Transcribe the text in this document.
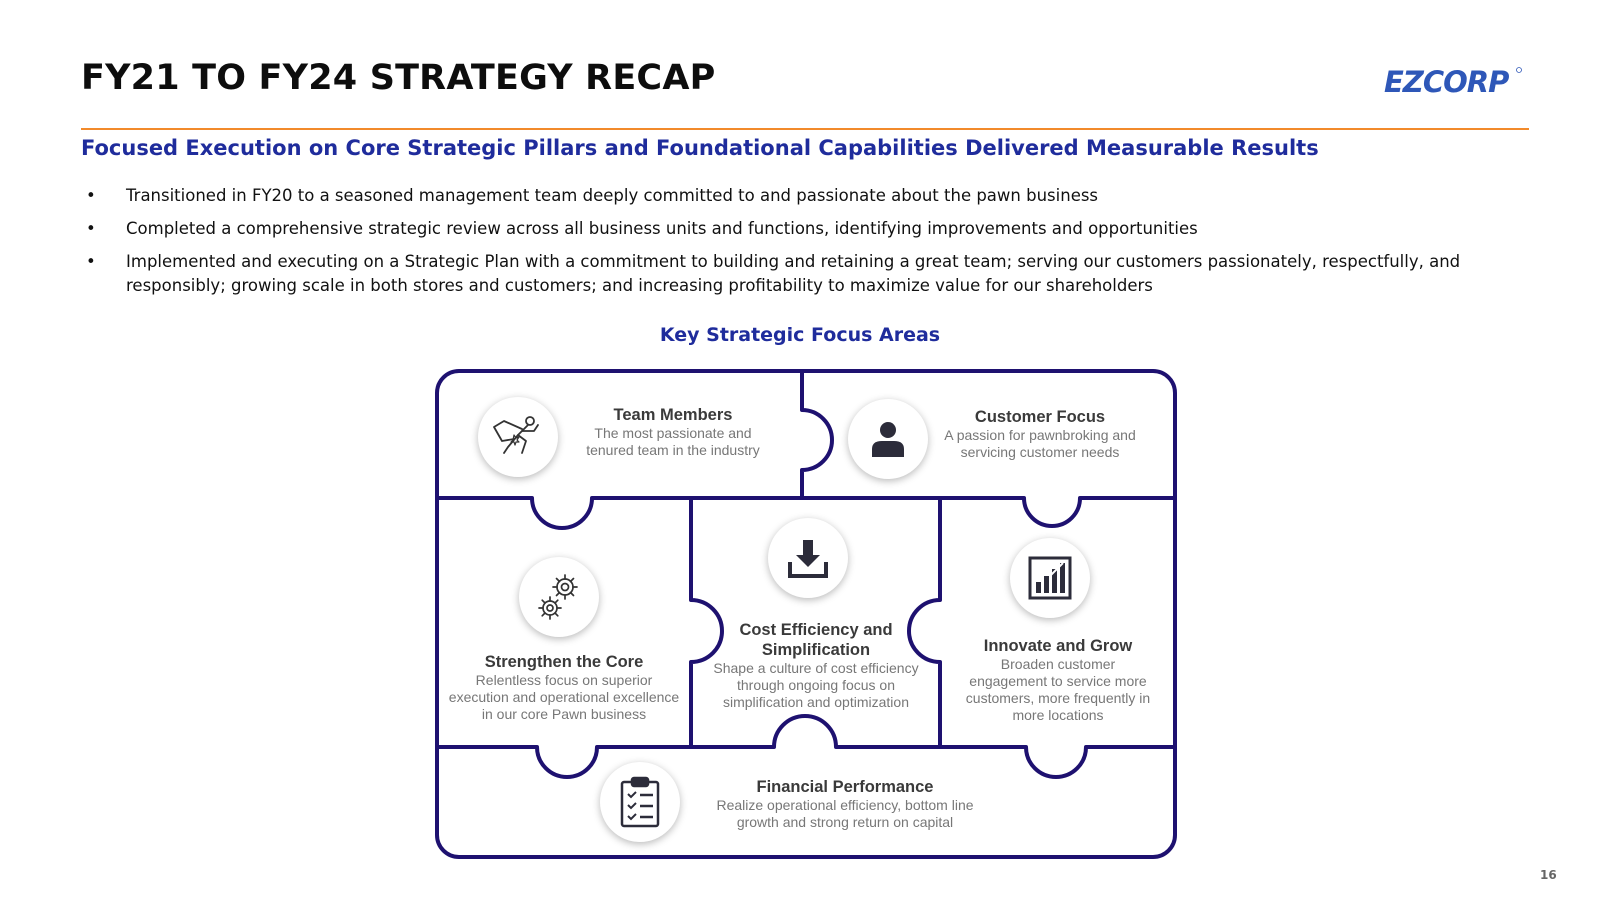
FY21 TO FY24 STRATEGY RECAP	EZCORP
Focused Execution on Core Strategic Pillars and Foundational Capabilities Delivered Measurable Results
• Transitioned in FY20 to a seasoned management team deeply committed to and passionate about the pawn business
• Completed a comprehensive strategic review across all business units and functions, identifying improvements and opportunities
• Implemented and executing on a Strategic Plan with a commitment to building and retaining a great team; serving our customers passionately, respectfully, and responsibly; growing scale in both stores and customers; and increasing profitability to maximize value for our shareholders
Key Strategic Focus Areas
Team Members
The most passionate and
tenured team in the industry
Customer Focus
A passion for pawnbroking and
servicing customer needs
Strengthen the Core
Relentless focus on superior
execution and operational excellence
in our core Pawn business
Cost Efficiency and
Simplification
Shape a culture of cost efficiency
through ongoing focus on
simplification and optimization
Innovate and Grow
Broaden customer
engagement to service more
customers, more frequently in
more locations
Financial Performance
Realize operational efficiency, bottom line
growth and strong return on capital
16
